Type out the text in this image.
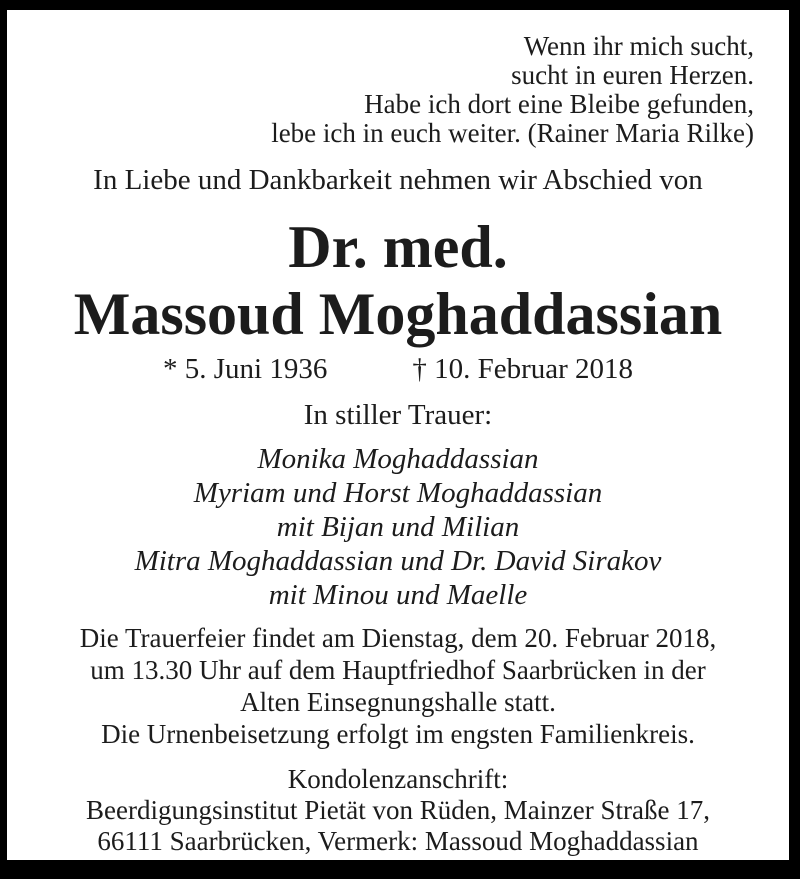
Wenn ihr mich sucht,
sucht in euren Herzen.
Habe ich dort eine Bleibe gefunden,
lebe ich in euch weiter. (Rainer Maria Rilke)
In Liebe und Dankbarkeit nehmen wir Abschied von
Dr. med.
Massoud Moghaddassian
* 5. Juni 1936	† 10. Februar 2018
In stiller Trauer:
Monika Moghaddassian
Myriam und Horst Moghaddassian
mit Bijan und Milian
Mitra Moghaddassian und Dr. David Sirakov
mit Minou und Maelle
Die Trauerfeier findet am Dienstag, dem 20. Februar 2018,
um 13.30 Uhr auf dem Hauptfriedhof Saarbrücken in der
Alten Einsegnungshalle statt.
Die Urnenbeisetzung erfolgt im engsten Familienkreis.
Kondolenzanschrift:
Beerdigungsinstitut Pietät von Rüden, Mainzer Straße 17,
66111 Saarbrücken, Vermerk: Massoud Moghaddassian
